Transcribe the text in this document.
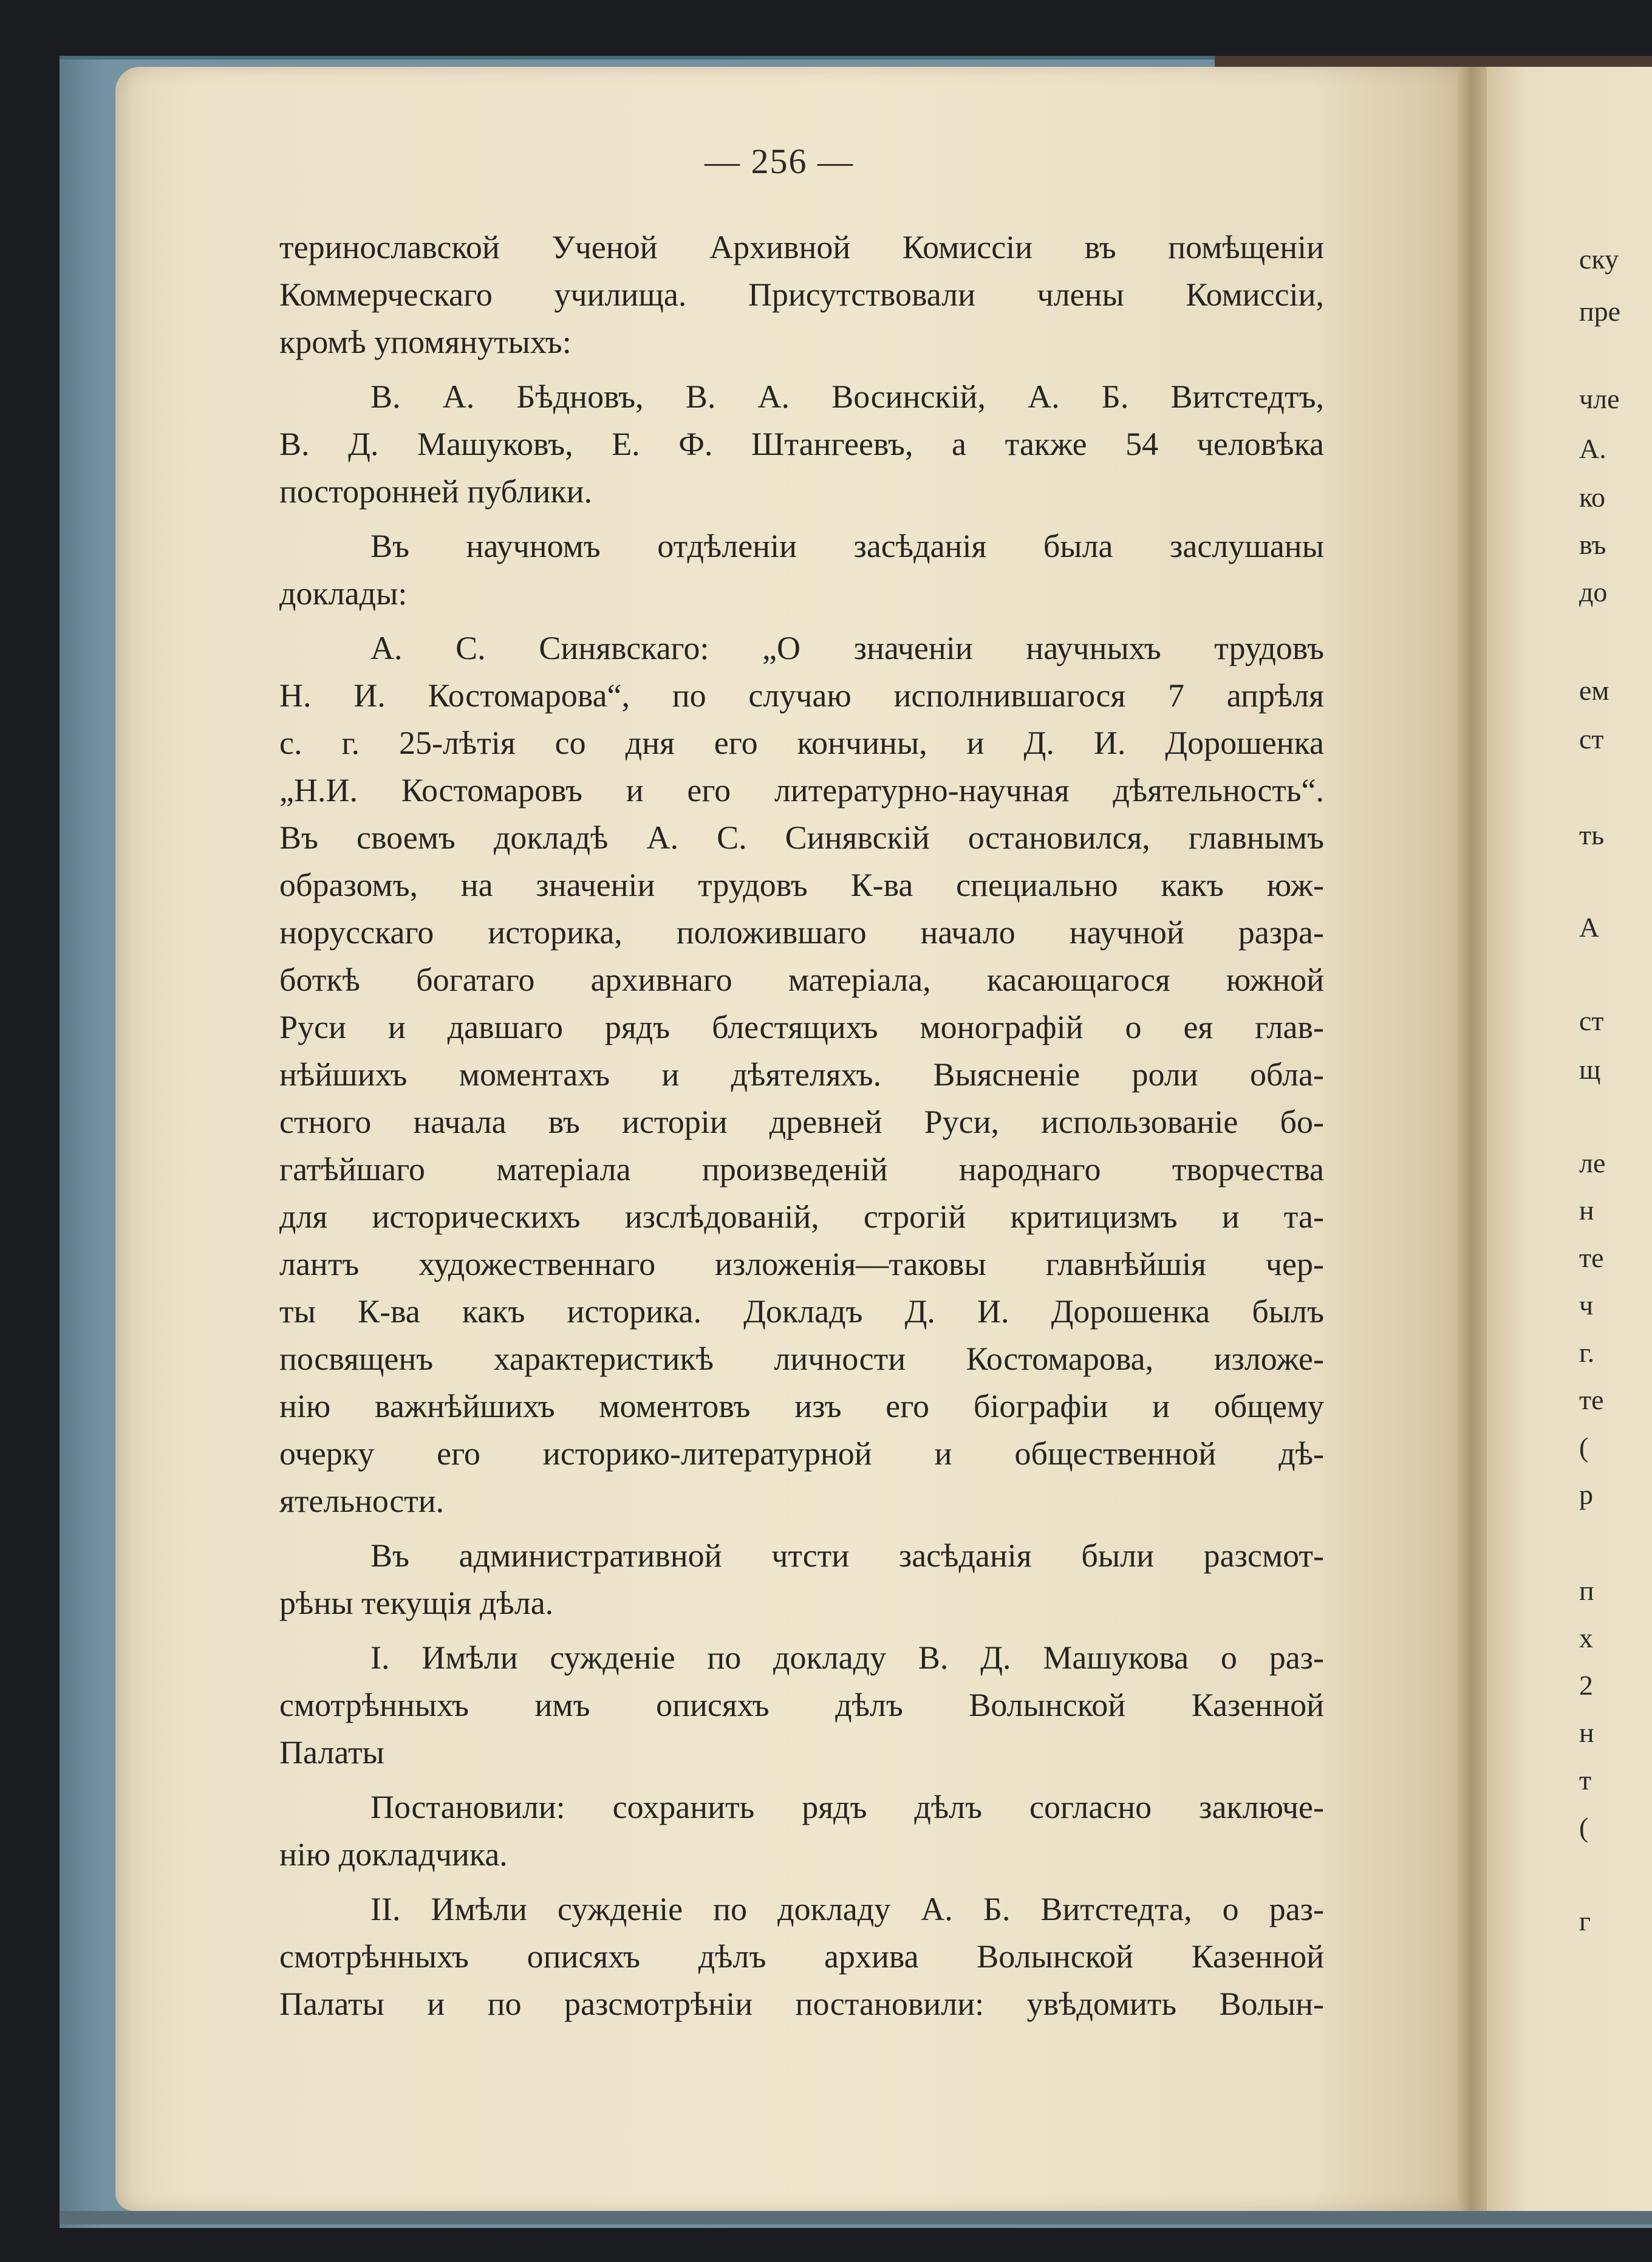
— 256 —

териноcлавской Ученой Архивной Комиссiи въ помѣщенiи

Коммерческаго училища. Присутствовали члены Комиссiи,

кромѣ упомянутыхъ:

В. А. Бѣдновъ, В. А. Восинскiй, А. Б. Витстедтъ,

В. Д. Машуковъ, Е. Ф. Штангеевъ, а также 54 человѣка

посторонней публики.

Въ научномъ отдѣленiи засѣданiя была заслушаны

доклады:

А. С. Синявскаго: „О значенiи научныхъ трудовъ

Н. И. Костомарова“, по случаю исполнившагося 7 апрѣля

с. г. 25-лѣтiя со дня его кончины, и Д. И. Дорошенка

„Н.И. Костомаровъ и его литературно-научная дѣятельность“.

Въ своемъ докладѣ А. С. Синявскiй остановился, главнымъ

образомъ, на значенiи трудовъ К-ва специально какъ юж-

норусскаго историка, положившаго начало научной разра-

боткѣ богатаго архивнаго матерiала, касающагося южной

Руси и давшаго рядъ блестящихъ монографiй о ея глав-

нѣйшихъ моментахъ и дѣятеляхъ. Выясненiе роли обла-

стного начала въ исторiи древней Руси, использованiе бо-

гатѣйшаго матерiала произведенiй народнаго творчества

для историческихъ изслѣдованiй, строгiй критицизмъ и та-

лантъ художественнаго изложенiя—таковы главнѣйшiя чер-

ты К-ва какъ историка. Докладъ Д. И. Дорошенка былъ

посвященъ характеристикѣ личности Костомарова, изложе-

нiю важнѣйшихъ моментовъ изъ его бiографiи и общему

очерку его историко-литературной и общественной дѣ-

ятельности.

Въ административной чтсти засѣданiя были разсмот-

рѣны текущiя дѣла.

I. Имѣли сужденiе по докладу В. Д. Машукова о раз-

смотрѣнныхъ имъ описяхъ дѣлъ Волынской Казенной

Палаты

Постановили: сохранить рядъ дѣлъ согласно заключе-

нiю докладчика.

II. Имѣли сужденiе по докладу А. Б. Витстедта, о раз-

смотрѣнныхъ описяхъ дѣлъ архива Волынской Казенной

Палаты и по разсмотрѣнiи постановили: увѣдомить Волын-

ску
пре
чле
А.
ко
въ
до
ем
ст
ть
А
ст
щ
ле
н
те
ч
г.
те
(
р
п
х
2
н
т
(
г
